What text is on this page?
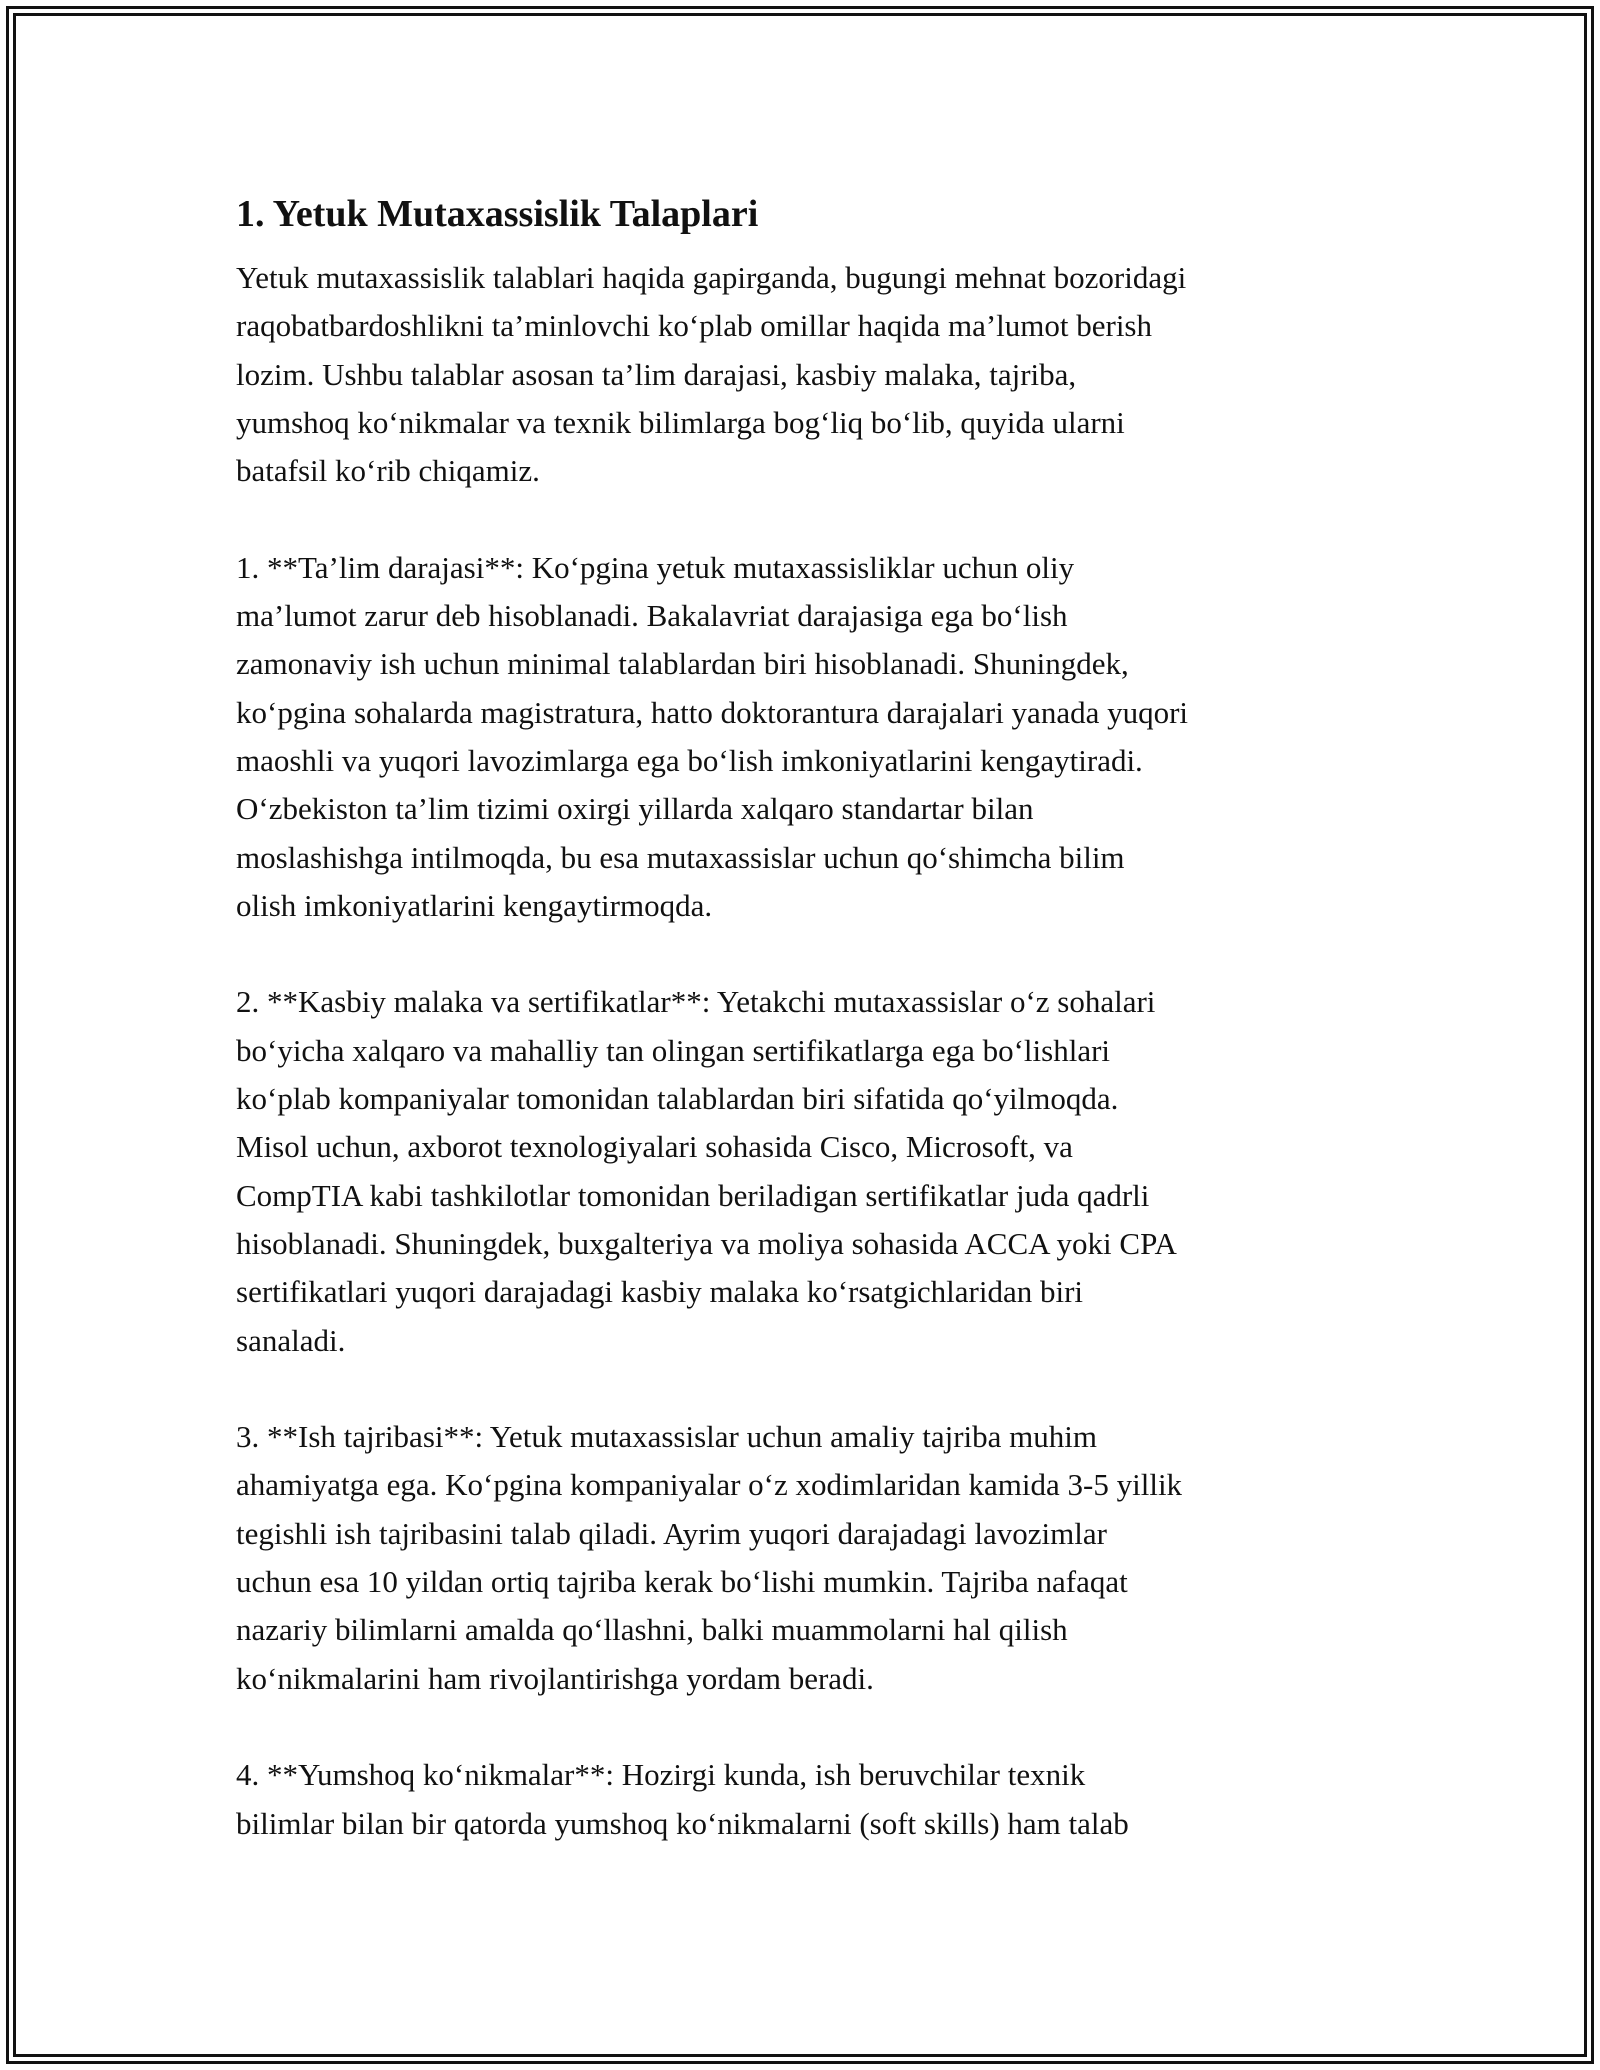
1. Yetuk Mutaxassislik Talaplari
Yetuk mutaxassislik talablari haqida gapirganda, bugungi mehnat bozoridagi
raqobatbardoshlikni ta’minlovchi ko‘plab omillar haqida ma’lumot berish
lozim. Ushbu talablar asosan ta’lim darajasi, kasbiy malaka, tajriba,
yumshoq ko‘nikmalar va texnik bilimlarga bog‘liq bo‘lib, quyida ularni
batafsil ko‘rib chiqamiz.
1. **Ta’lim darajasi**: Ko‘pgina yetuk mutaxassisliklar uchun oliy
ma’lumot zarur deb hisoblanadi. Bakalavriat darajasiga ega bo‘lish
zamonaviy ish uchun minimal talablardan biri hisoblanadi. Shuningdek,
ko‘pgina sohalarda magistratura, hatto doktorantura darajalari yanada yuqori
maoshli va yuqori lavozimlarga ega bo‘lish imkoniyatlarini kengaytiradi.
O‘zbekiston ta’lim tizimi oxirgi yillarda xalqaro standartar bilan
moslashishga intilmoqda, bu esa mutaxassislar uchun qo‘shimcha bilim
olish imkoniyatlarini kengaytirmoqda.
2. **Kasbiy malaka va sertifikatlar**: Yetakchi mutaxassislar o‘z sohalari
bo‘yicha xalqaro va mahalliy tan olingan sertifikatlarga ega bo‘lishlari
ko‘plab kompaniyalar tomonidan talablardan biri sifatida qo‘yilmoqda.
Misol uchun, axborot texnologiyalari sohasida Cisco, Microsoft, va
CompTIA kabi tashkilotlar tomonidan beriladigan sertifikatlar juda qadrli
hisoblanadi. Shuningdek, buxgalteriya va moliya sohasida ACCA yoki CPA
sertifikatlari yuqori darajadagi kasbiy malaka ko‘rsatgichlaridan biri
sanaladi.
3. **Ish tajribasi**: Yetuk mutaxassislar uchun amaliy tajriba muhim
ahamiyatga ega. Ko‘pgina kompaniyalar o‘z xodimlaridan kamida 3-5 yillik
tegishli ish tajribasini talab qiladi. Ayrim yuqori darajadagi lavozimlar
uchun esa 10 yildan ortiq tajriba kerak bo‘lishi mumkin. Tajriba nafaqat
nazariy bilimlarni amalda qo‘llashni, balki muammolarni hal qilish
ko‘nikmalarini ham rivojlantirishga yordam beradi.
4. **Yumshoq ko‘nikmalar**: Hozirgi kunda, ish beruvchilar texnik
bilimlar bilan bir qatorda yumshoq ko‘nikmalarni (soft skills) ham talab
